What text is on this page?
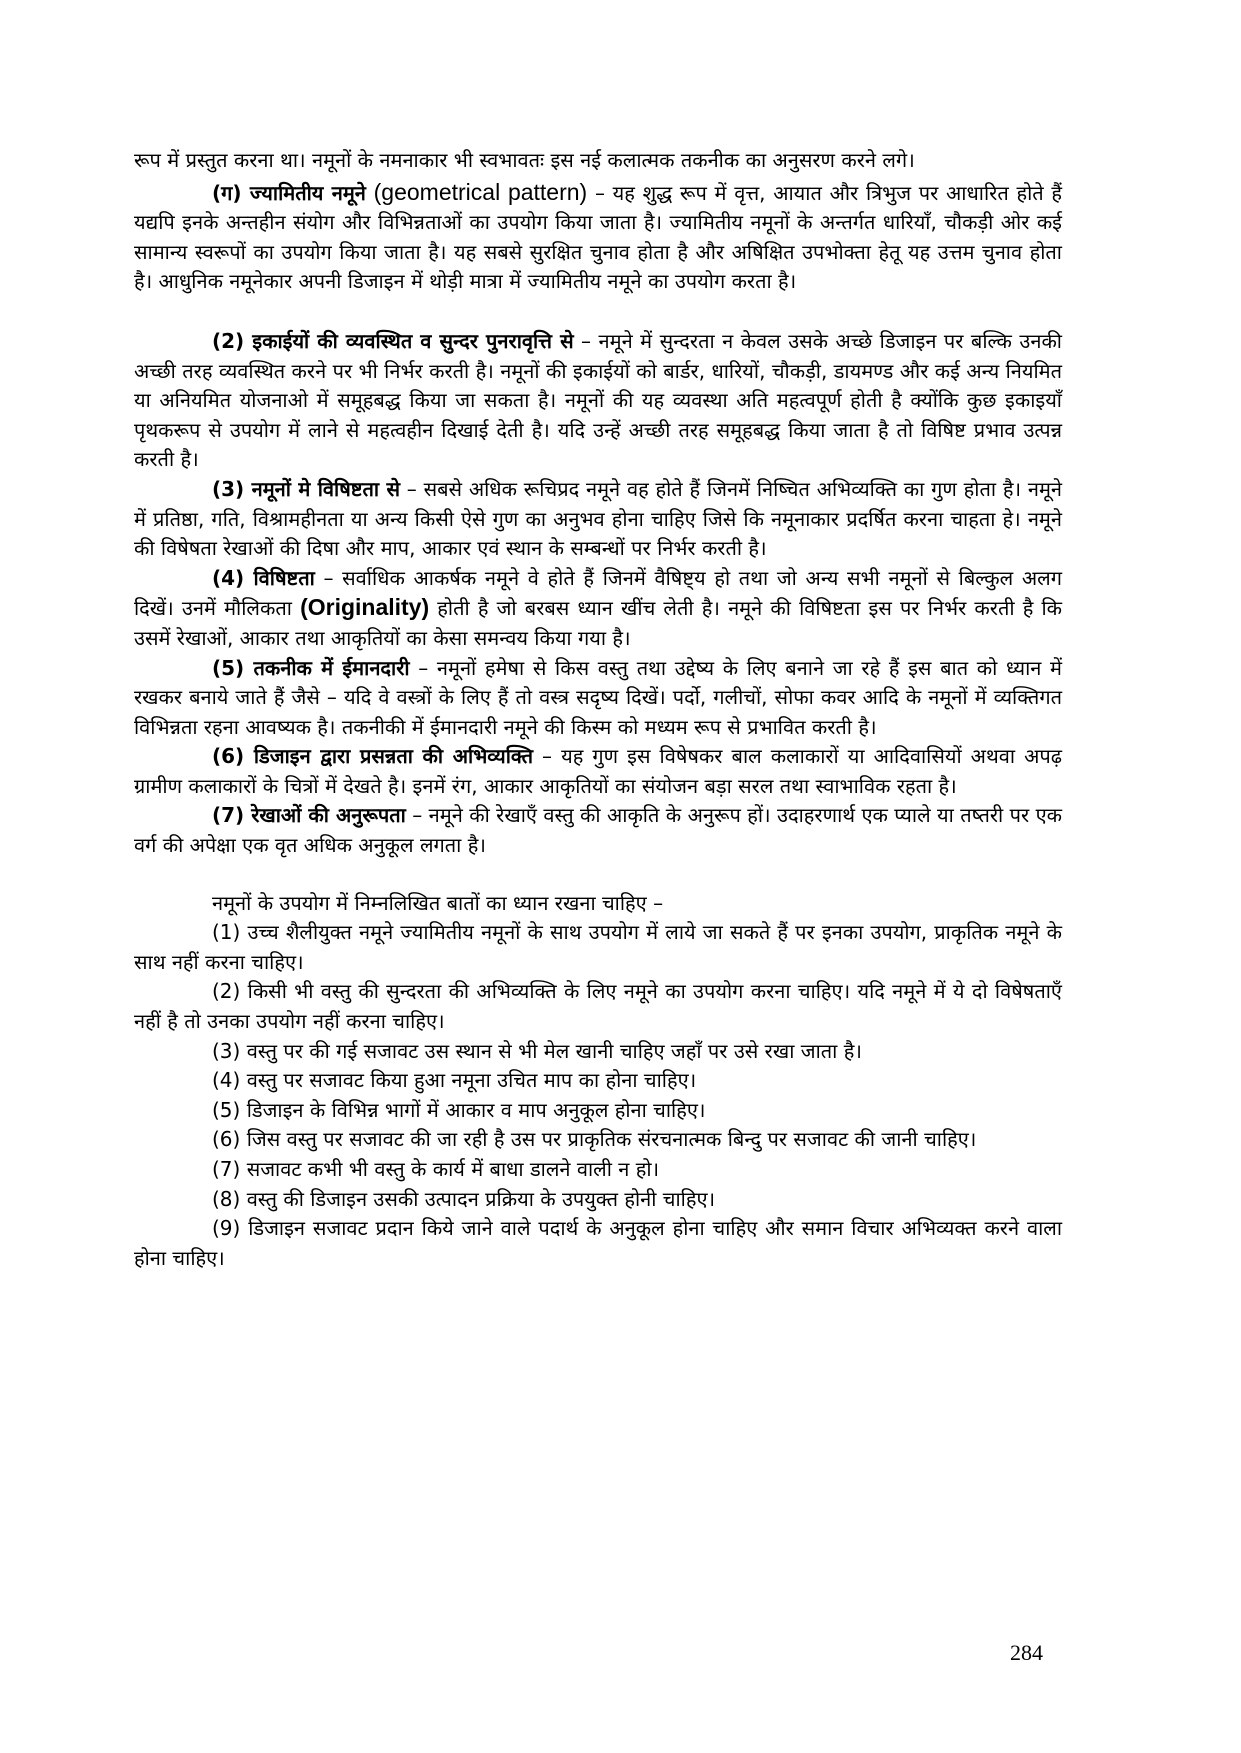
रूप में प्रस्तुत करना था। नमूनों के नमनाकार भी स्वभावतः इस नई कलात्मक तकनीक का अनुसरण करने लगे।

(ग) ज्यामितीय नमूने (geometrical pattern) – यह शुद्ध रूप में वृत्त, आयात और त्रिभुज पर आधारित होते हैं यद्यपि इनके अन्तहीन संयोग और विभिन्नताओं का उपयोग किया जाता है। ज्यामितीय नमूनों के अन्तर्गत धारियाँ, चौकड़ी ओर कई सामान्य स्वरूपों का उपयोग किया जाता है। यह सबसे सुरक्षित चुनाव होता है और अषिक्षित उपभोक्ता हेतू यह उत्तम चुनाव होता है। आधुनिक नमूनेकार अपनी डिजाइन में थोड़ी मात्रा में ज्यामितीय नमूने का उपयोग करता है।

(2) इकाईयों की व्यवस्थित व सुन्दर पुनरावृत्ति से – नमूने में सुन्दरता न केवल उसके अच्छे डिजाइन पर बल्कि उनकी अच्छी तरह व्यवस्थित करने पर भी निर्भर करती है। नमूनों की इकाईयों को बार्डर, धारियों, चौकड़ी, डायमण्ड और कई अन्य नियमित या अनियमित योजनाओ में समूहबद्ध किया जा सकता है। नमूनों की यह व्यवस्था अति महत्वपूर्ण होती है क्योंकि कुछ इकाइयाँ पृथकरूप से उपयोग में लाने से महत्वहीन दिखाई देती है। यदि उन्हें अच्छी तरह समूहबद्ध किया जाता है तो विषिष्ट प्रभाव उत्पन्न करती है।

(3) नमूनों मे विषिष्टता से – सबसे अधिक रूचिप्रद नमूने वह होते हैं जिनमें निष्चित अभिव्यक्ति का गुण होता है। नमूने में प्रतिष्ठा, गति, विश्रामहीनता या अन्य किसी ऐसे गुण का अनुभव होना चाहिए जिसे कि नमूनाकार प्रदर्षित करना चाहता हे। नमूने की विषेषता रेखाओं की दिषा और माप, आकार एवं स्थान के सम्बन्धों पर निर्भर करती है।

(4) विषिष्टता – सर्वाधिक आकर्षक नमूने वे होते हैं जिनमें वैषिष्ट्य हो तथा जो अन्य सभी नमूनों से बिल्कुल अलग दिखें। उनमें मौलिकता (Originality) होती है जो बरबस ध्यान खींच लेती है। नमूने की विषिष्टता इस पर निर्भर करती है कि उसमें रेखाओं, आकार तथा आकृतियों का केसा समन्वय किया गया है।

(5) तकनीक में ईमानदारी – नमूनों हमेषा से किस वस्तु तथा उद्देष्य के लिए बनाने जा रहे हैं इस बात को ध्यान में रखकर बनाये जाते हैं जैसे – यदि वे वस्त्रों के लिए हैं तो वस्त्र सदृष्य दिखें। पर्दो, गलीचों, सोफा कवर आदि के नमूनों में व्यक्तिगत विभिन्नता रहना आवष्यक है। तकनीकी में ईमानदारी नमूने की किस्म को मध्यम रूप से प्रभावित करती है।

(6) डिजाइन द्वारा प्रसन्नता की अभिव्यक्ति – यह गुण इस विषेषकर बाल कलाकारों या आदिवासियों अथवा अपढ़ ग्रामीण कलाकारों के चित्रों में देखते है। इनमें रंग, आकार आकृतियों का संयोजन बड़ा सरल तथा स्वाभाविक रहता है।

(7) रेखाओं की अनुरूपता – नमूने की रेखाएँ वस्तु की आकृति के अनुरूप हों। उदाहरणार्थ एक प्याले या तष्तरी पर एक वर्ग की अपेक्षा एक वृत अधिक अनुकूल लगता है।

नमूनों के उपयोग में निम्नलिखित बातों का ध्यान रखना चाहिए –

(1) उच्च शैलीयुक्त नमूने ज्यामितीय नमूनों के साथ उपयोग में लाये जा सकते हैं पर इनका उपयोग, प्राकृतिक नमूने के साथ नहीं करना चाहिए।

(2) किसी भी वस्तु की सुन्दरता की अभिव्यक्ति के लिए नमूने का उपयोग करना चाहिए। यदि नमूने में ये दो विषेषताएँ नहीं है तो उनका उपयोग नहीं करना चाहिए।

(3) वस्तु पर की गई सजावट उस स्थान से भी मेल खानी चाहिए जहाँ पर उसे रखा जाता है।

(4) वस्तु पर सजावट किया हुआ नमूना उचित माप का होना चाहिए।

(5) डिजाइन के विभिन्न भागों में आकार व माप अनुकूल होना चाहिए।

(6) जिस वस्तु पर सजावट की जा रही है उस पर प्राकृतिक संरचनात्मक बिन्दु पर सजावट की जानी चाहिए।

(7) सजावट कभी भी वस्तु के कार्य में बाधा डालने वाली न हो।

(8) वस्तु की डिजाइन उसकी उत्पादन प्रक्रिया के उपयुक्त होनी चाहिए।

(9) डिजाइन सजावट प्रदान किये जाने वाले पदार्थ के अनुकूल होना चाहिए और समान विचार अभिव्यक्त करने वाला होना चाहिए।

284
